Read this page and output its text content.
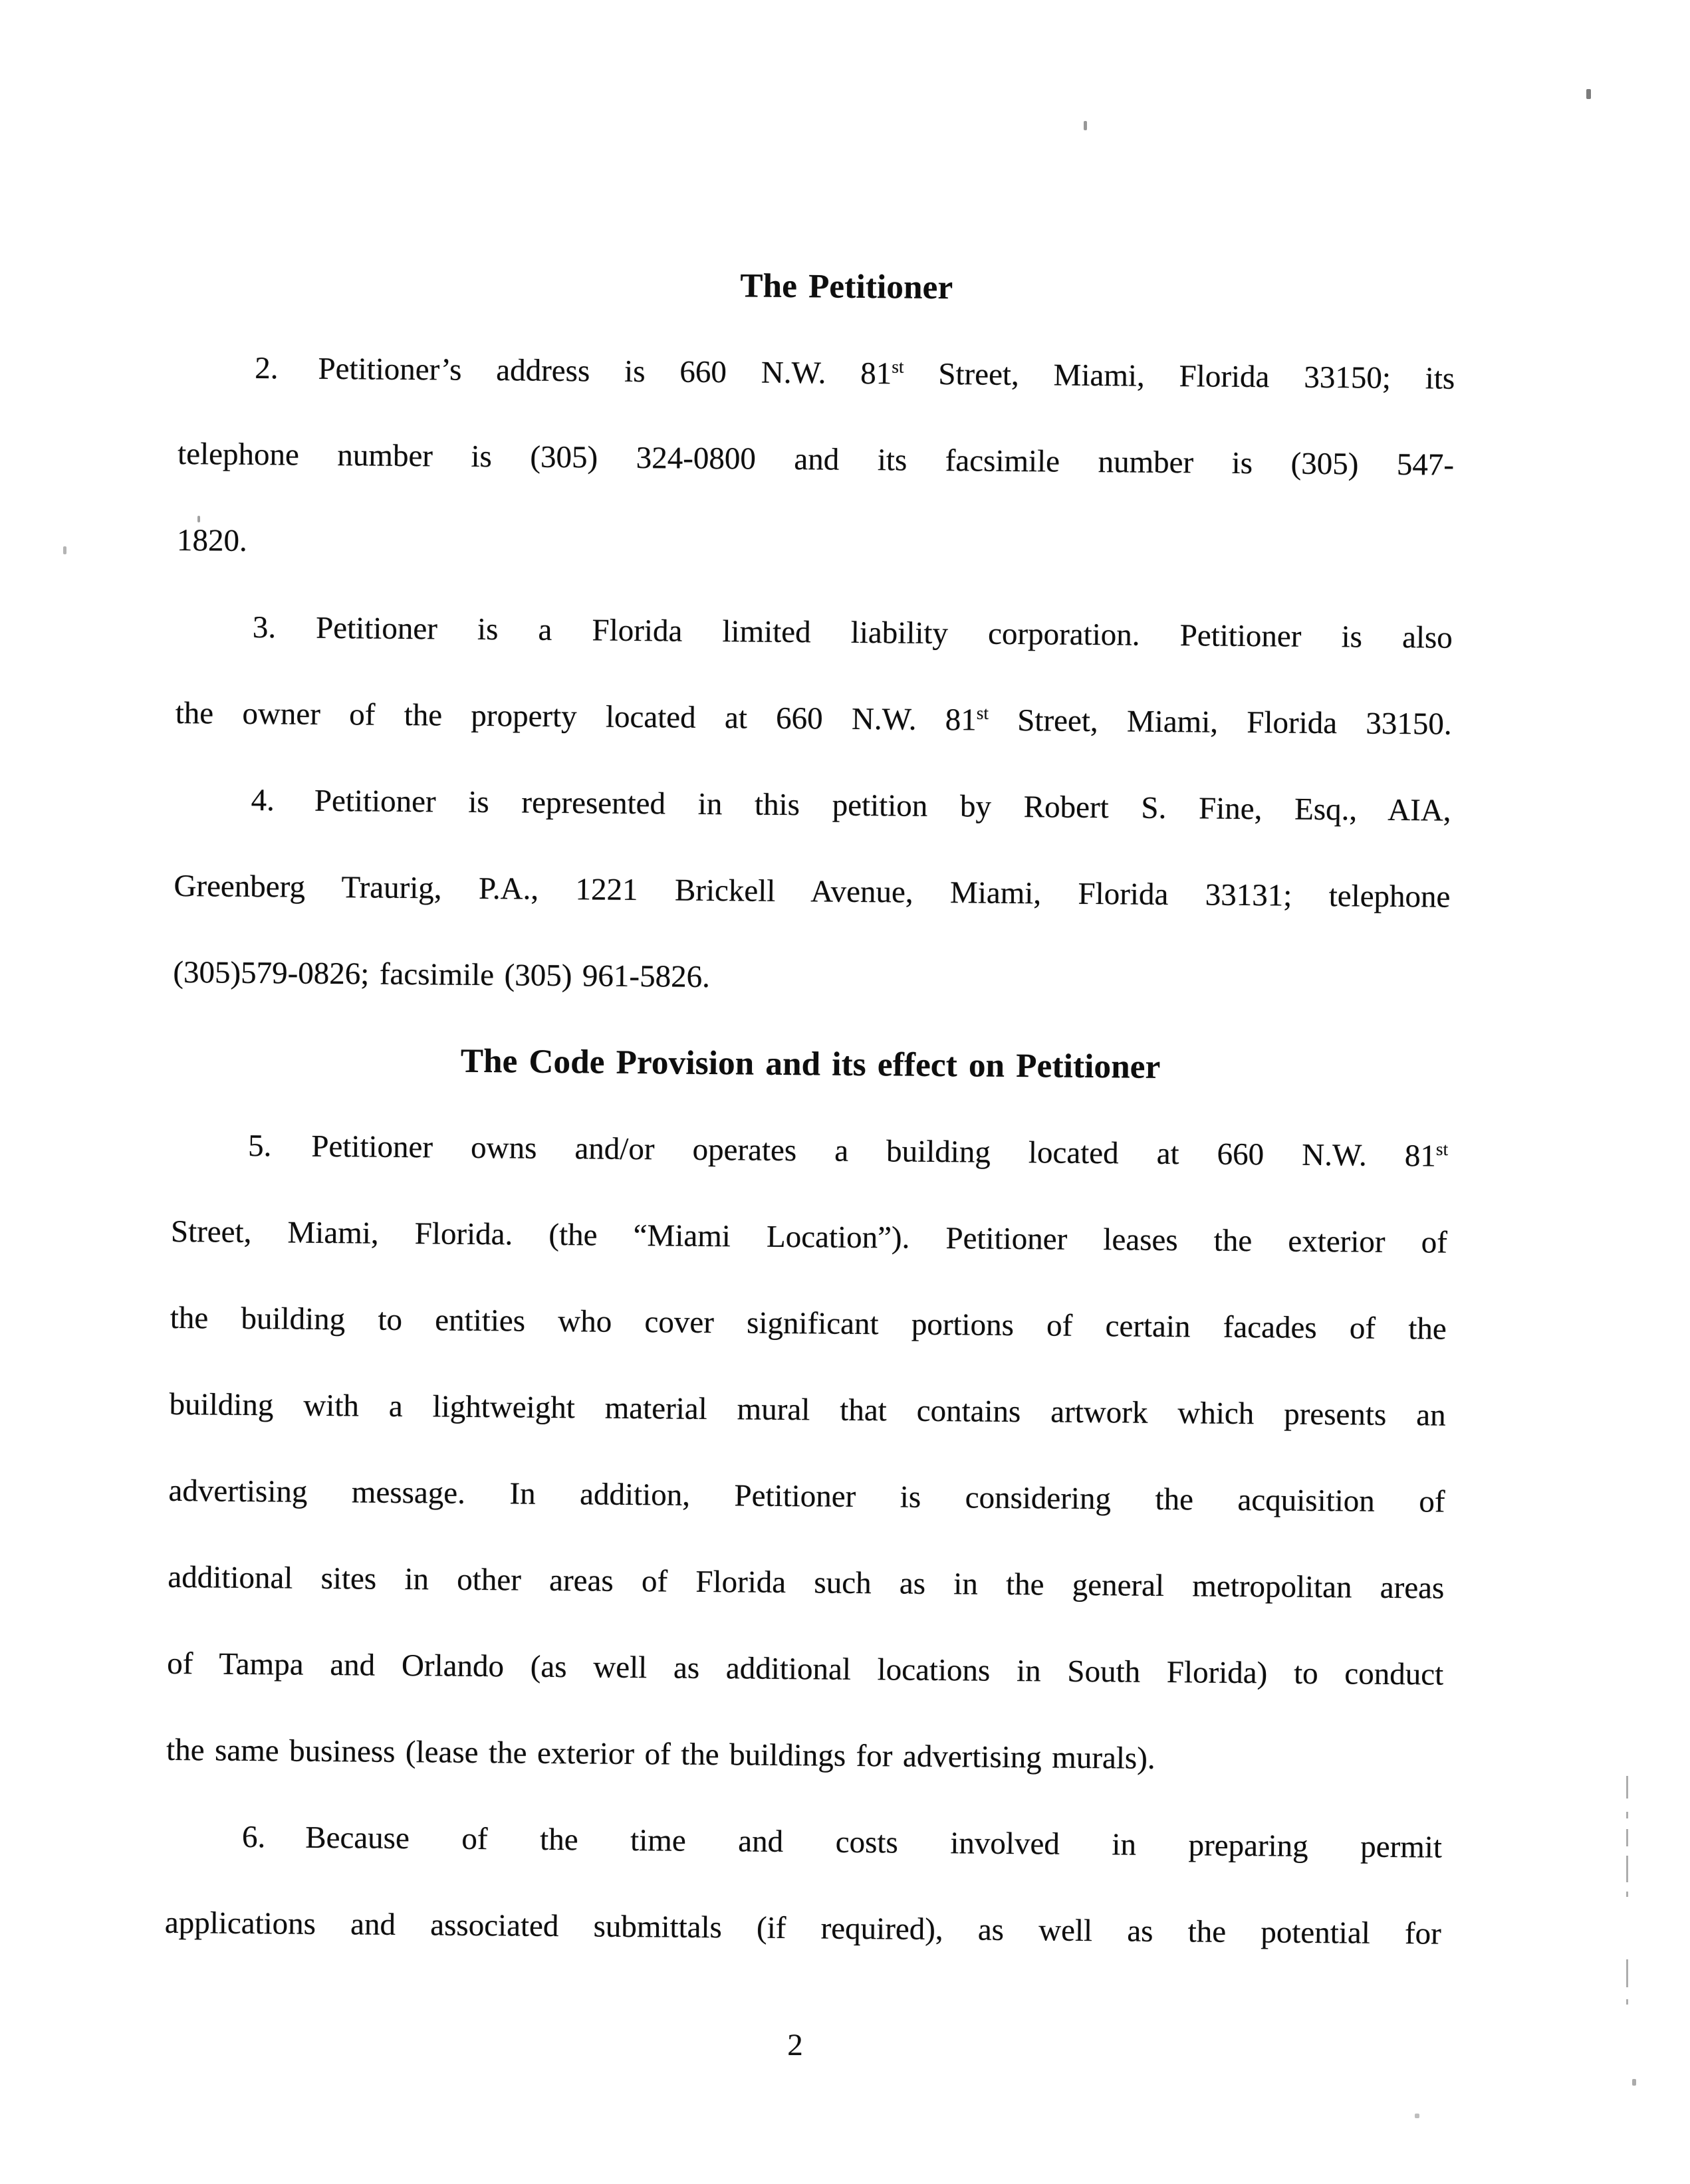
The Petitioner
2. Petitioner’s address is 660 N.W. 81st Street, Miami, Florida 33150; its
telephone number is (305) 324-0800 and its facsimile number is (305) 547-
1820.
3. Petitioner is a Florida limited liability corporation. Petitioner is also
the owner of the property located at 660 N.W. 81st Street, Miami, Florida 33150.
4. Petitioner is represented in this petition by Robert S. Fine, Esq., AIA,
Greenberg Traurig, P.A., 1221 Brickell Avenue, Miami, Florida 33131; telephone
(305)579-0826; facsimile (305) 961-5826.
The Code Provision and its effect on Petitioner
5. Petitioner owns and/or operates a building located at 660 N.W. 81st
Street, Miami, Florida. (the “Miami Location”). Petitioner leases the exterior of
the building to entities who cover significant portions of certain facades of the
building with a lightweight material mural that contains artwork which presents an
advertising message. In addition, Petitioner is considering the acquisition of
additional sites in other areas of Florida such as in the general metropolitan areas
of Tampa and Orlando (as well as additional locations in South Florida) to conduct
the same business (lease the exterior of the buildings for advertising murals).
6. Because of the time and costs involved in preparing permit
applications and associated submittals (if required), as well as the potential for
2
